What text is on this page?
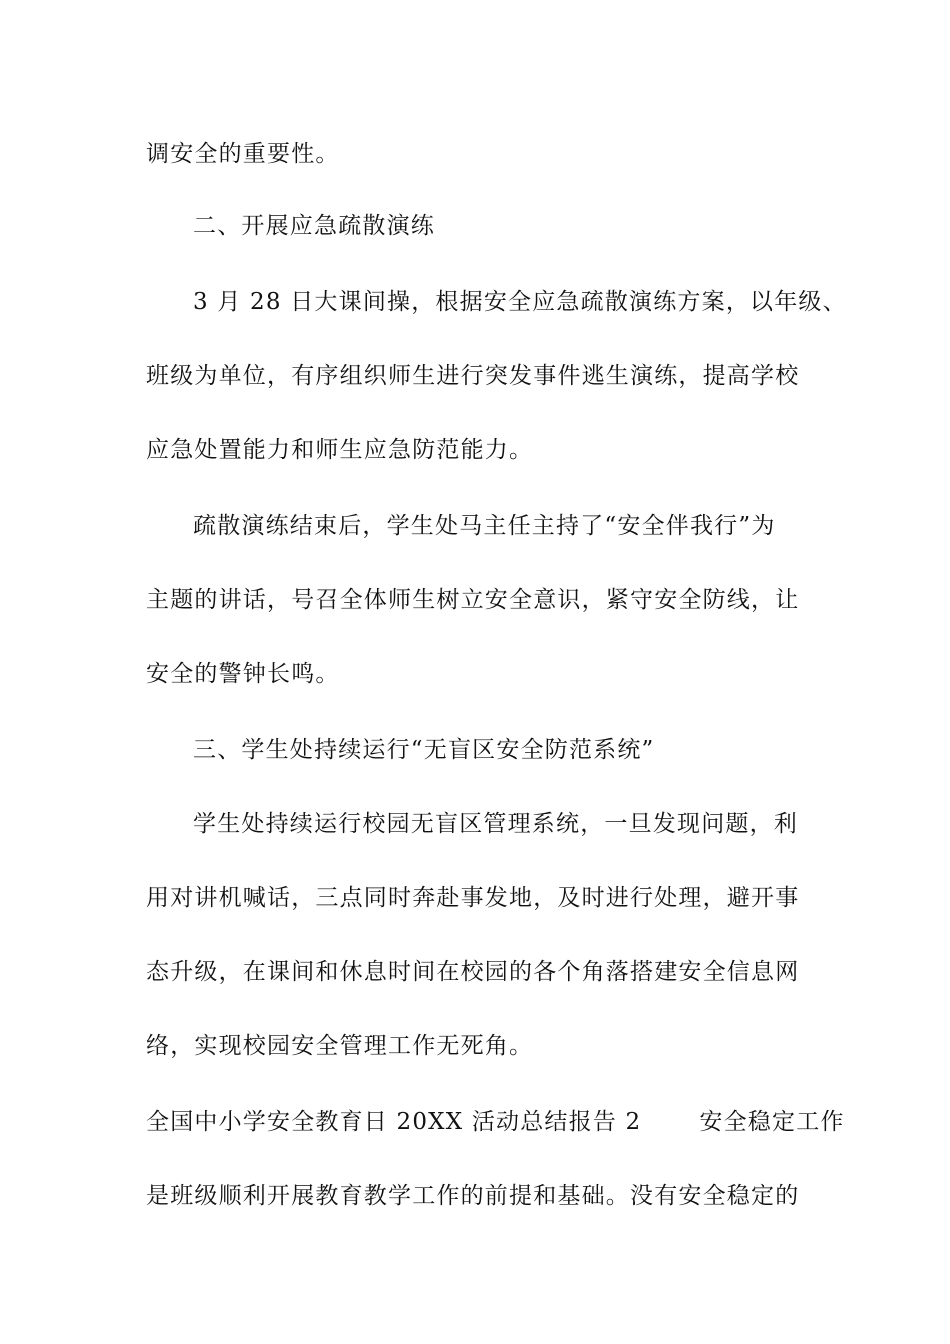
调安全的重要性。
二、开展应急疏散演练
3 月 28 日大课间操，根据安全应急疏散演练方案，以年级、
班级为单位，有序组织师生进行突发事件逃生演练，提高学校
应急处置能力和师生应急防范能力。
疏散演练结束后，学生处马主任主持了“安全伴我行”为
主题的讲话，号召全体师生树立安全意识，紧守安全防线，让
安全的警钟长鸣。
三、学生处持续运行“无盲区安全防范系统”
学生处持续运行校园无盲区管理系统，一旦发现问题，利
用对讲机喊话，三点同时奔赴事发地，及时进行处理，避开事
态升级，在课间和休息时间在校园的各个角落搭建安全信息网
络，实现校园安全管理工作无死角。
全国中小学安全教育日 20XX 活动总结报告 2	安全稳定工作
是班级顺利开展教育教学工作的前提和基础。没有安全稳定的
